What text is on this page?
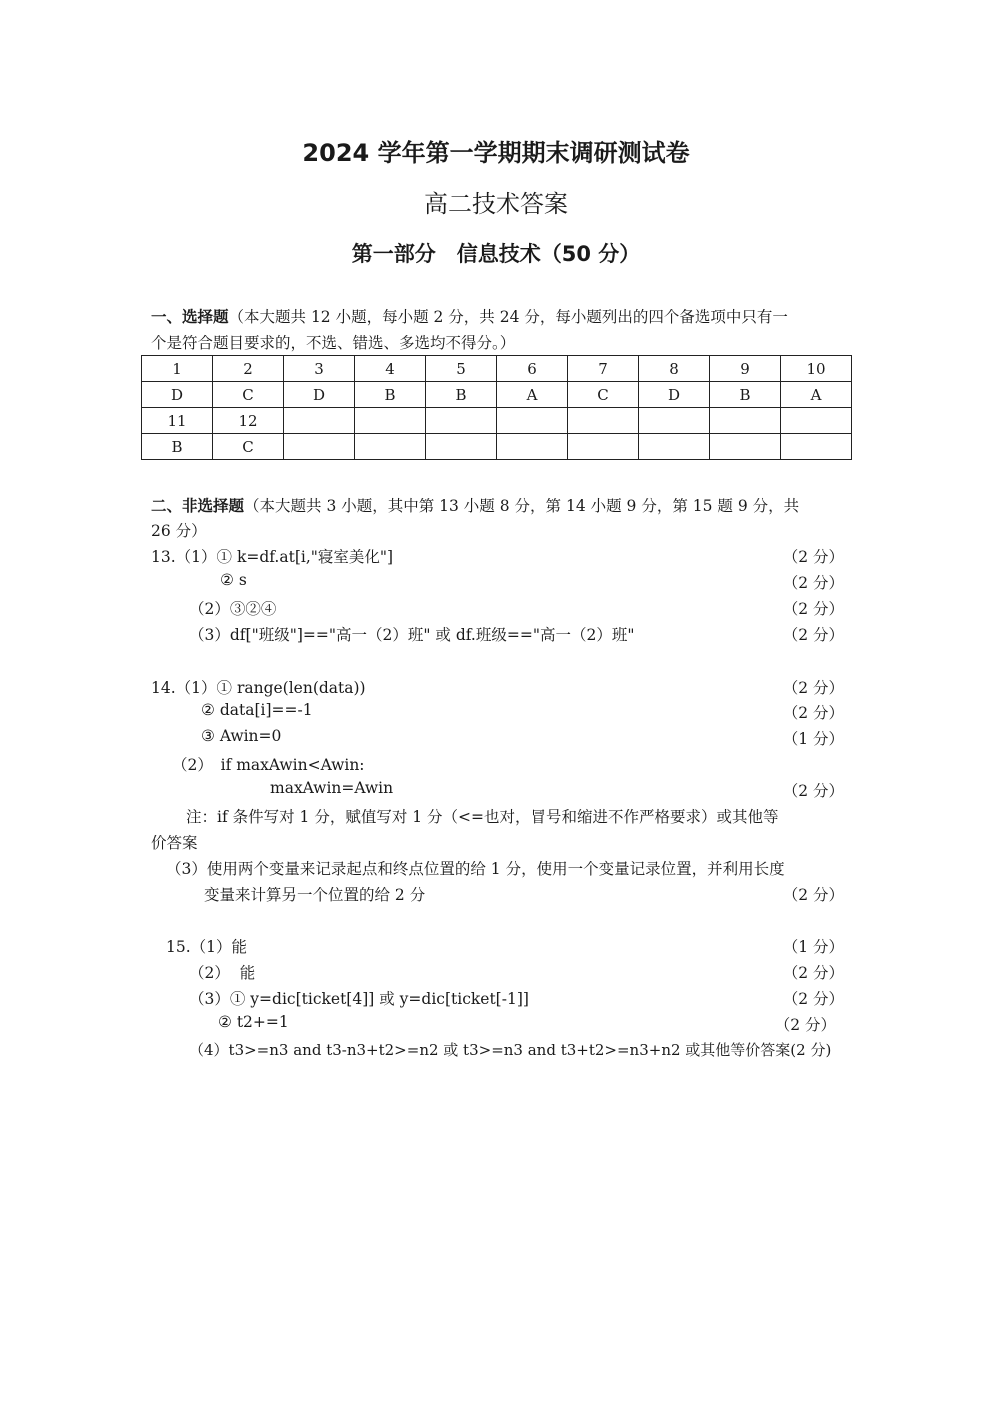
2024 学年第一学期期末调研测试卷
高二技术答案
第一部分　信息技术（50 分）
一、选择题（本大题共 12 小题，每小题 2 分，共 24 分，每小题列出的四个备选项中只有一
个是符合题目要求的，不选、错选、多选均不得分。）
1	2	3	4	5	6	7	8	9	10
D	C	D	B	B	A	C	D	B	A
11	12								
B	C								
二、非选择题（本大题共 3 小题，其中第 13 小题 8 分，第 14 小题 9 分，第 15 题 9 分，共
26 分）
13.（1）① k=df.at[i,"寝室美化"]	（2 分）
② s	（2 分）
（2）③②④	（2 分）
（3）df["班级"]=="高一（2）班" 或 df.班级=="高一（2）班"	（2 分）
14.（1）① range(len(data))	（2 分）
② data[i]==-1	（2 分）
③ Awin=0	（1 分）
（2）　if maxAwin<Awin:
maxAwin=Awin	（2 分）
注：if 条件写对 1 分，赋值写对 1 分（<=也对，冒号和缩进不作严格要求）或其他等
价答案
（3）使用两个变量来记录起点和终点位置的给 1 分，使用一个变量记录位置，并利用长度
变量来计算另一个位置的给 2 分	（2 分）
15.（1）能	（1 分）
（2）  能	（2 分）
（3）① y=dic[ticket[4]] 或 y=dic[ticket[-1]]	（2 分）
② t2+=1	（2 分）
（4）t3>=n3 and t3-n3+t2>=n2 或 t3>=n3 and t3+t2>=n3+n2 或其他等价答案(2 分)
